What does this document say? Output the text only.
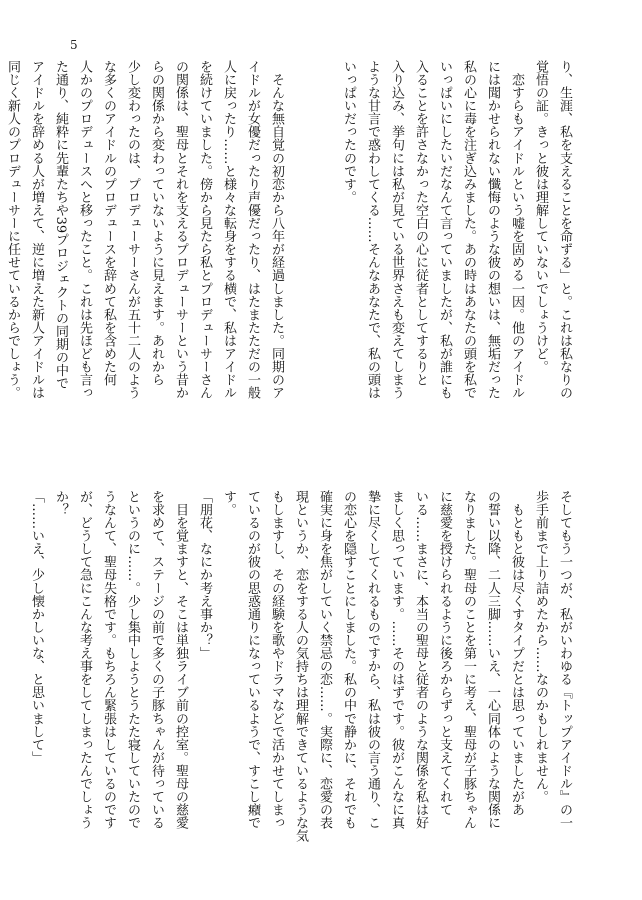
5
り、生涯、私を支えることを命ずる」と。これは私なりの
覚悟の証。きっと彼は理解していないでしょうけど。
　恋すらもアイドルという嘘を固める一因。他のアイドル
には聞かせられない懺悔のような彼の想いは、無垢だった
私の心に毒を注ぎ込みました。あの時はあなたの頭を私で
いっぱいにしたいだなんて言っていましたが、私が誰にも
入ることを許さなかった空白の心に従者としてするりと
入り込み、挙句には私が見ている世界さえも変えてしまう
ような甘言で惑わしてくる……そんなあなたで、私の頭は
いっぱいだったのです。

　そんな無自覚の初恋から八年が経過しました。同期のア
イドルが女優だったり声優だったり、はたまたただの一般
人に戻ったり……と様々な転身をする横で、私はアイドル
を続けていました。傍から見たら私とプロデューサーさん
の関係は、聖母とそれを支えるプロデューサーという昔か
らの関係から変わっていないように見えます。あれから
少し変わったのは、プロデューサーさんが五十二人のよう
な多くのアイドルのプロデュースを辞めて私を含めた何
人かのプロデュースへと移ったこと。これは先ほども言っ
た通り、純粋に先輩たちや39プロジェクトの同期の中で
アイドルを辞める人が増えて、逆に増えた新人アイドルは
同じく新人のプロデューサーに任せているからでしょう。
そしてもう一つが、私がいわゆる『トップアイドル』の一
歩手前まで上り詰めたから……なのかもしれません。
　もともと彼は尽くすタイプだとは思っていましたがあ
の誓い以降、二人三脚……いえ、一心同体のような関係に
なりました。聖母のことを第一に考え、聖母が子豚ちゃん
に慈愛を授けられるように後ろからずっと支えてくれて
いる……まさに、本当の聖母と従者のような関係を私は好
ましく思っています。……そのはずです。彼がこんなに真
摯に尽くしてくれるものですから、私は彼の言う通り、こ
の恋心を隠すことにしました。私の中で静かに、それでも
確実に身を焦がしていく禁忌の恋……。実際に、恋愛の表
現というか、恋をする人の気持ちは理解できているような気
もしますし、その経験を歌やドラマなどで活かせてしまっ
ているのが彼の思惑通りになっているようで、すこし癪で
す。
「朋花、なにか考え事か？」
　目を覚ますと、そこは単独ライブ前の控室。聖母の慈愛
を求めて、ステージの前で多くの子豚ちゃんが待っている
というのに……。少し集中しようとうたた寝していたので
うなんて、聖母失格です。もちろん緊張はしているのです
が、どうして急にこんな考え事をしてしまったんでしょう
か？
「……いえ、少し懐かしいな、と思いまして」
